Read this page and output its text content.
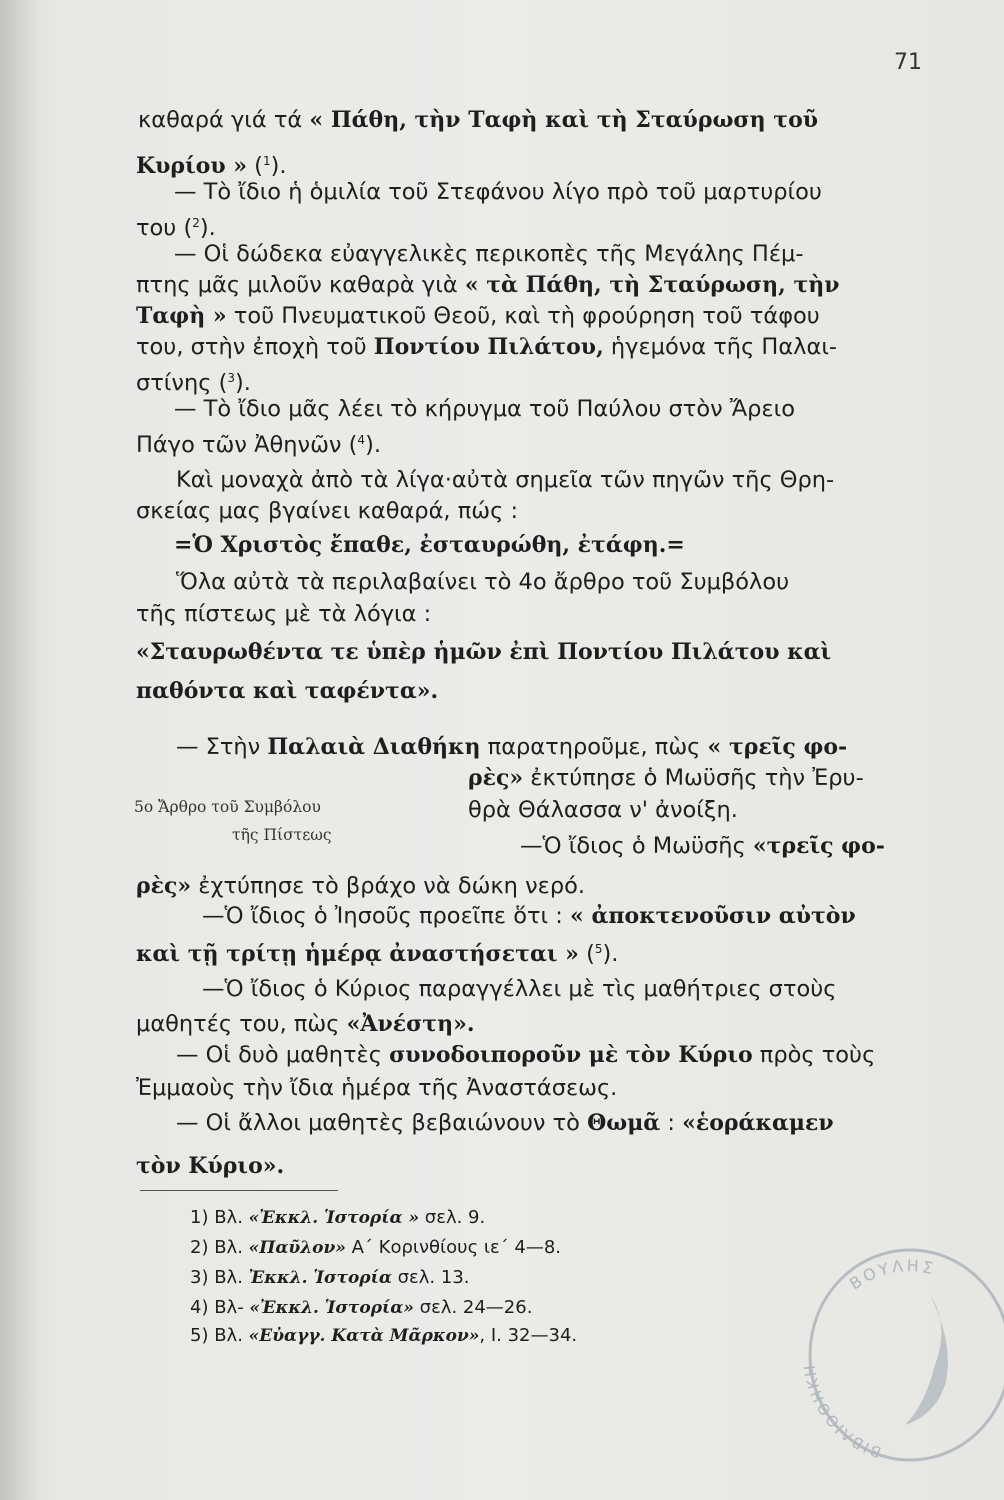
71
καθαρά γιά τά « Πάθη, τὴν Ταφὴ καὶ τὴ Σταύρωση τοῦ
Κυρίου » ($^1$).
— Τὸ ἴδιο ἡ ὁμιλία τοῦ Στεφάνου λίγο πρὸ τοῦ μαρτυρίου
του ($^2$).
— Οἱ δώδεκα εὐαγγελικὲς περικοπὲς τῆς Μεγάλης Πέμ-
πτης μᾶς μιλοῦν καθαρὰ γιὰ « τὰ Πάθη, τὴ Σταύρωση, τὴν
Ταφὴ » τοῦ Πνευματικοῦ Θεοῦ, καὶ τὴ φρούρηση τοῦ τάφου
του, στὴν ἐποχὴ τοῦ Ποντίου Πιλάτου, ἡγεμόνα τῆς Παλαι-
στίνης ($^3$).
— Τὸ ἴδιο μᾶς λέει τὸ κήρυγμα τοῦ Παύλου στὸν Ἄρειο
Πάγο τῶν Ἀθηνῶν ($^4$).
Καὶ μοναχὰ ἀπὸ τὰ λίγα·αὐτὰ σημεῖα τῶν πηγῶν τῆς Θρη-
σκείας μας βγαίνει καθαρά, πώς :
=Ὁ Χριστὸς ἔπαθε, ἐσταυρώθη, ἐτάφη.=
Ὅλα αὐτὰ τὰ περιλαβαίνει τὸ 4ο ἄρθρο τοῦ Συμβόλου
τῆς πίστεως μὲ τὰ λόγια :
«Σταυρωθέντα τε ὑπὲρ ἡμῶν ἐπὶ Ποντίου Πιλάτου καὶ
παθόντα καὶ ταφέντα».
— Στὴν Παλαιὰ Διαθήκη παρατηροῦμε, πὼς « τρεῖς φο-
ρὲς» ἐκτύπησε ὁ Μωϋσῆς τὴν Ἐρυ-
θρὰ Θάλασσα ν' ἀνοίξη.
—Ὁ ἴδιος ὁ Μωϋσῆς «τρεῖς φο-
ρὲς» ἐχτύπησε τὸ βράχο νὰ δώκη νερό.
—Ὁ ἴδιος ὁ Ἰησοῦς προεῖπε ὅτι : « ἀποκτενοῦσιν αὐτὸν
καὶ τῇ τρίτῃ ἡμέρᾳ ἀναστήσεται » ($^5$).
—Ὁ ἴδιος ὁ Κύριος παραγγέλλει μὲ τὶς μαθήτριες στοὺς
μαθητές του, πὼς «Ἀνέστη».
— Οἱ δυὸ μαθητὲς συνοδοιποροῦν μὲ τὸν Κύριο πρὸς τοὺς
Ἐμμαοὺς τὴν ἴδια ἡμέρα τῆς Ἀναστάσεως.
— Οἱ ἄλλοι μαθητὲς βεβαιώνουν τὸ Θωμᾶ : «ἑοράκαμεν
τὸν Κύριο».
5ο Ἄρθρο τοῦ Συμβόλου
τῆς Πίστεως
1) Βλ. «Ἐκκλ. Ἱστορία » σελ. 9.
2) Βλ. «Παῦλον» Α΄ Κορινθίους ιε΄ 4—8.
3) Βλ. Ἐκκλ. Ἱστορία σελ. 13.
4) Βλ- «Ἐκκλ. Ἱστορία» σελ. 24—26.
5) Βλ. «Εὐαγγ. Κατὰ Μᾶρκον», Ι. 32—34.
ΒΟΥΛΗΣ
ΒΙΒΛΙΟΘΗΚΗ
